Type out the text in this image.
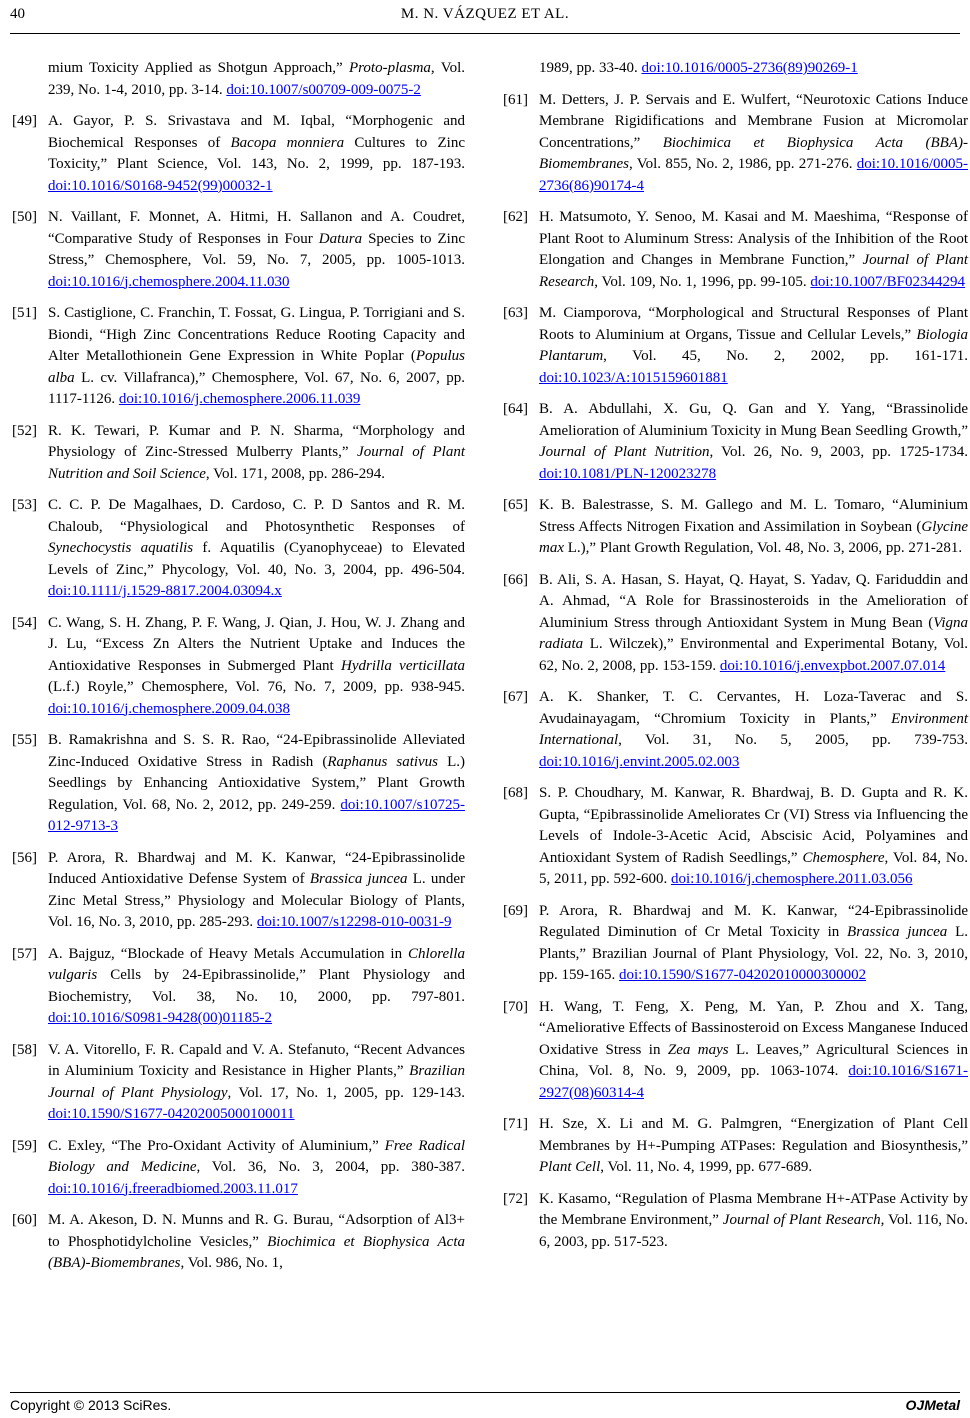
40	M. N. VÁZQUEZ ET AL.
mium Toxicity Applied as Shotgun Approach,” Proto-plasma, Vol. 239, No. 1-4, 2010, pp. 3-14. doi:10.1007/s00709-009-0075-2
[49] A. Gayor, P. S. Srivastava and M. Iqbal, “Morphogenic and Biochemical Responses of Bacopa monniera Cultures to Zinc Toxicity,” Plant Science, Vol. 143, No. 2, 1999, pp. 187-193. doi:10.1016/S0168-9452(99)00032-1
[50] N. Vaillant, F. Monnet, A. Hitmi, H. Sallanon and A. Coudret, “Comparative Study of Responses in Four Datura Species to Zinc Stress,” Chemosphere, Vol. 59, No. 7, 2005, pp. 1005-1013. doi:10.1016/j.chemosphere.2004.11.030
[51] S. Castiglione, C. Franchin, T. Fossat, G. Lingua, P. Torrigiani and S. Biondi, “High Zinc Concentrations Reduce Rooting Capacity and Alter Metallothionein Gene Expression in White Poplar (Populus alba L. cv. Villafranca),” Chemosphere, Vol. 67, No. 6, 2007, pp. 1117-1126. doi:10.1016/j.chemosphere.2006.11.039
[52] R. K. Tewari, P. Kumar and P. N. Sharma, “Morphology and Physiology of Zinc-Stressed Mulberry Plants,” Journal of Plant Nutrition and Soil Science, Vol. 171, 2008, pp. 286-294.
[53] C. C. P. De Magalhaes, D. Cardoso, C. P. D Santos and R. M. Chaloub, “Physiological and Photosynthetic Responses of Synechocystis aquatilis f. Aquatilis (Cyanophyceae) to Elevated Levels of Zinc,” Phycology, Vol. 40, No. 3, 2004, pp. 496-504. doi:10.1111/j.1529-8817.2004.03094.x
[54] C. Wang, S. H. Zhang, P. F. Wang, J. Qian, J. Hou, W. J. Zhang and J. Lu, “Excess Zn Alters the Nutrient Uptake and Induces the Antioxidative Responses in Submerged Plant Hydrilla verticillata (L.f.) Royle,” Chemosphere, Vol. 76, No. 7, 2009, pp. 938-945. doi:10.1016/j.chemosphere.2009.04.038
[55] B. Ramakrishna and S. S. R. Rao, “24-Epibrassinolide Alleviated Zinc-Induced Oxidative Stress in Radish (Raphanus sativus L.) Seedlings by Enhancing Antioxidative System,” Plant Growth Regulation, Vol. 68, No. 2, 2012, pp. 249-259. doi:10.1007/s10725-012-9713-3
[56] P. Arora, R. Bhardwaj and M. K. Kanwar, “24-Epibrassinolide Induced Antioxidative Defense System of Brassica juncea L. under Zinc Metal Stress,” Physiology and Molecular Biology of Plants, Vol. 16, No. 3, 2010, pp. 285-293. doi:10.1007/s12298-010-0031-9
[57] A. Bajguz, “Blockade of Heavy Metals Accumulation in Chlorella vulgaris Cells by 24-Epibrassinolide,” Plant Physiology and Biochemistry, Vol. 38, No. 10, 2000, pp. 797-801. doi:10.1016/S0981-9428(00)01185-2
[58] V. A. Vitorello, F. R. Capald and V. A. Stefanuto, “Recent Advances in Aluminium Toxicity and Resistance in Higher Plants,” Brazilian Journal of Plant Physiology, Vol. 17, No. 1, 2005, pp. 129-143. doi:10.1590/S1677-04202005000100011
[59] C. Exley, “The Pro-Oxidant Activity of Aluminium,” Free Radical Biology and Medicine, Vol. 36, No. 3, 2004, pp. 380-387. doi:10.1016/j.freeradbiomed.2003.11.017
[60] M. A. Akeson, D. N. Munns and R. G. Burau, “Adsorption of Al3+ to Phosphotidylcholine Vesicles,” Biochimica et Biophysica Acta (BBA)-Biomembranes, Vol. 986, No. 1,
1989, pp. 33-40. doi:10.1016/0005-2736(89)90269-1
[61] M. Detters, J. P. Servais and E. Wulfert, “Neurotoxic Cations Induce Membrane Rigidifications and Membrane Fusion at Micromolar Concentrations,” Biochimica et Biophysica Acta (BBA)-Biomembranes, Vol. 855, No. 2, 1986, pp. 271-276. doi:10.1016/0005-2736(86)90174-4
[62] H. Matsumoto, Y. Senoo, M. Kasai and M. Maeshima, “Response of Plant Root to Aluminum Stress: Analysis of the Inhibition of the Root Elongation and Changes in Membrane Function,” Journal of Plant Research, Vol. 109, No. 1, 1996, pp. 99-105. doi:10.1007/BF02344294
[63] M. Ciamporova, “Morphological and Structural Responses of Plant Roots to Aluminium at Organs, Tissue and Cellular Levels,” Biologia Plantarum, Vol. 45, No. 2, 2002, pp. 161-171. doi:10.1023/A:1015159601881
[64] B. A. Abdullahi, X. Gu, Q. Gan and Y. Yang, “Brassinolide Amelioration of Aluminium Toxicity in Mung Bean Seedling Growth,” Journal of Plant Nutrition, Vol. 26, No. 9, 2003, pp. 1725-1734. doi:10.1081/PLN-120023278
[65] K. B. Balestrasse, S. M. Gallego and M. L. Tomaro, “Aluminium Stress Affects Nitrogen Fixation and Assimilation in Soybean (Glycine max L.),” Plant Growth Regulation, Vol. 48, No. 3, 2006, pp. 271-281.
[66] B. Ali, S. A. Hasan, S. Hayat, Q. Hayat, S. Yadav, Q. Fariduddin and A. Ahmad, “A Role for Brassinosteroids in the Amelioration of Aluminium Stress through Antioxidant System in Mung Bean (Vigna radiata L. Wilczek),” Environmental and Experimental Botany, Vol. 62, No. 2, 2008, pp. 153-159. doi:10.1016/j.envexpbot.2007.07.014
[67] A. K. Shanker, T. C. Cervantes, H. Loza-Taverac and S. Avudainayagam, “Chromium Toxicity in Plants,” Environment International, Vol. 31, No. 5, 2005, pp. 739-753. doi:10.1016/j.envint.2005.02.003
[68] S. P. Choudhary, M. Kanwar, R. Bhardwaj, B. D. Gupta and R. K. Gupta, “Epibrassinolide Ameliorates Cr (VI) Stress via Influencing the Levels of Indole-3-Acetic Acid, Abscisic Acid, Polyamines and Antioxidant System of Radish Seedlings,” Chemosphere, Vol. 84, No. 5, 2011, pp. 592-600. doi:10.1016/j.chemosphere.2011.03.056
[69] P. Arora, R. Bhardwaj and M. K. Kanwar, “24-Epibrassinolide Regulated Diminution of Cr Metal Toxicity in Brassica juncea L. Plants,” Brazilian Journal of Plant Physiology, Vol. 22, No. 3, 2010, pp. 159-165. doi:10.1590/S1677-04202010000300002
[70] H. Wang, T. Feng, X. Peng, M. Yan, P. Zhou and X. Tang, “Ameliorative Effects of Bassinosteroid on Excess Manganese Induced Oxidative Stress in Zea mays L. Leaves,” Agricultural Sciences in China, Vol. 8, No. 9, 2009, pp. 1063-1074. doi:10.1016/S1671-2927(08)60314-4
[71] H. Sze, X. Li and M. G. Palmgren, “Energization of Plant Cell Membranes by H+-Pumping ATPases: Regulation and Biosynthesis,” Plant Cell, Vol. 11, No. 4, 1999, pp. 677-689.
[72] K. Kasamo, “Regulation of Plasma Membrane H+-ATPase Activity by the Membrane Environment,” Journal of Plant Research, Vol. 116, No. 6, 2003, pp. 517-523.
Copyright © 2013 SciRes.	OJMetal
